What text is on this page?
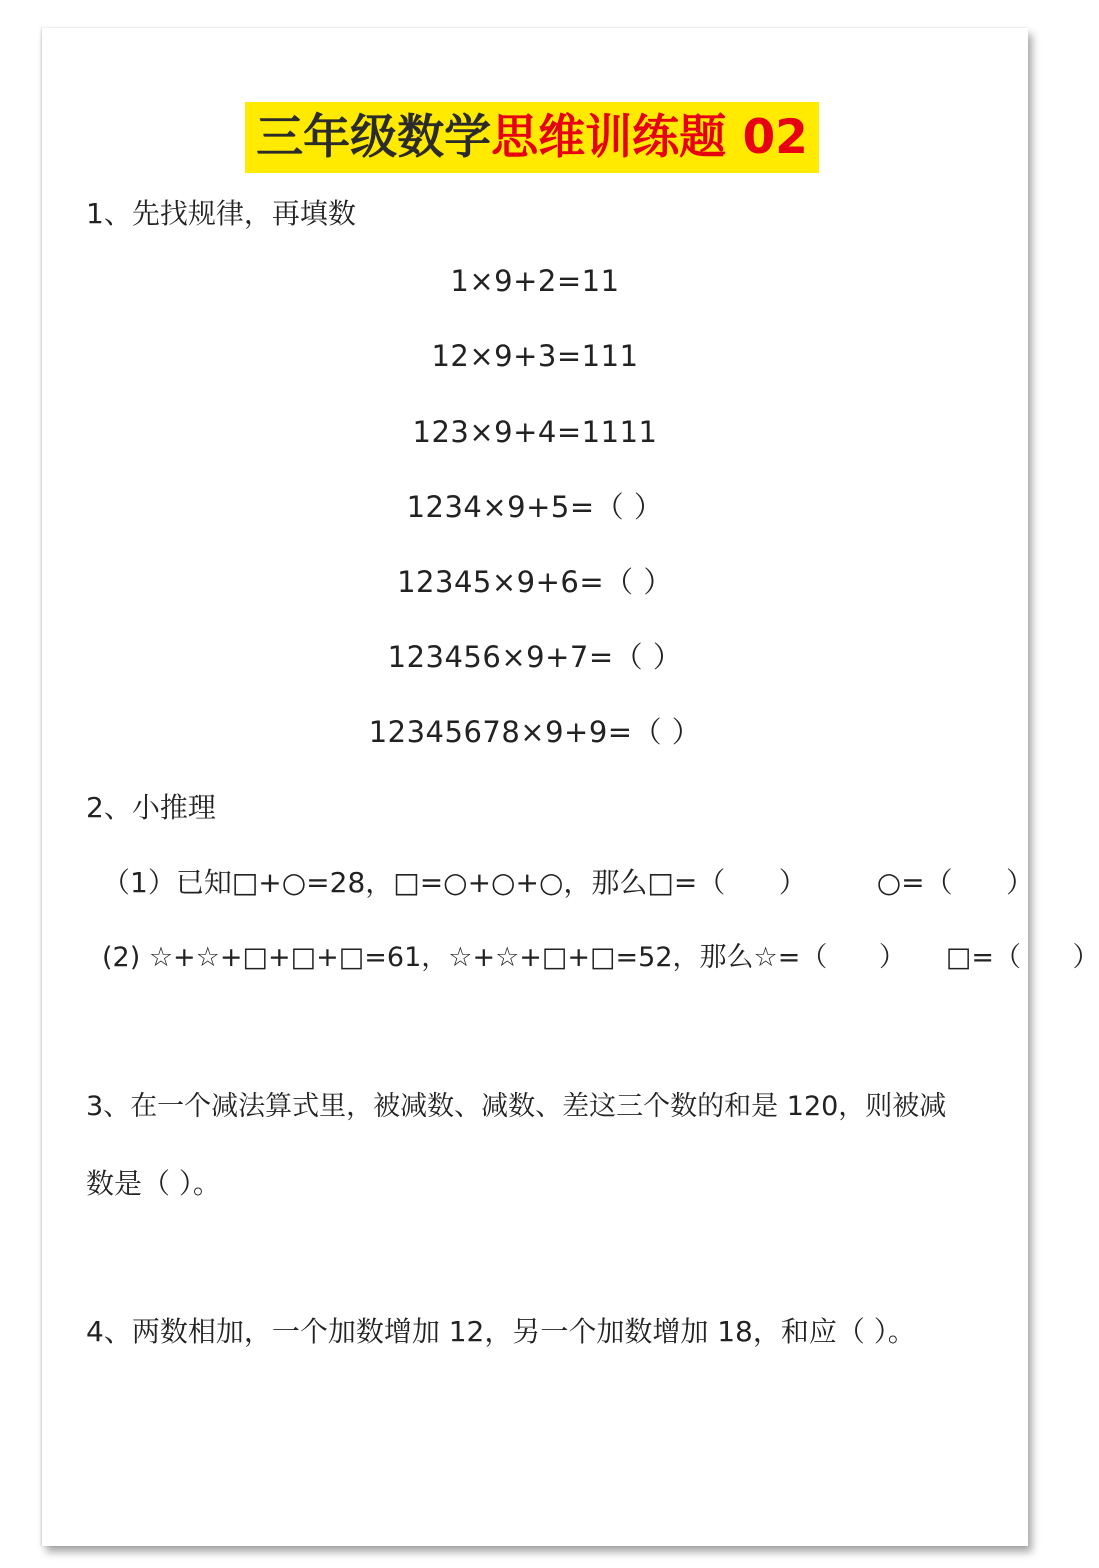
三年级数学思维训练题 02
1、先找规律，再填数
1×9+2=11
12×9+3=111
123×9+4=1111
1234×9+5=（ ）
12345×9+6=（ ）
123456×9+7=（ ）
12345678×9+9=（ ）
2、小推理
（1）已知□+○=28，□=○+○+○，那么□=（      ）	○=（      ）
(2) ☆+☆+□+□+□=61，☆+☆+□+□=52，那么☆=（      ） □=（      ）
3、在一个减法算式里，被减数、减数、差这三个数的和是 120，则被减
数是（ ）。
4、两数相加，一个加数增加 12，另一个加数增加 18，和应（ ）。
